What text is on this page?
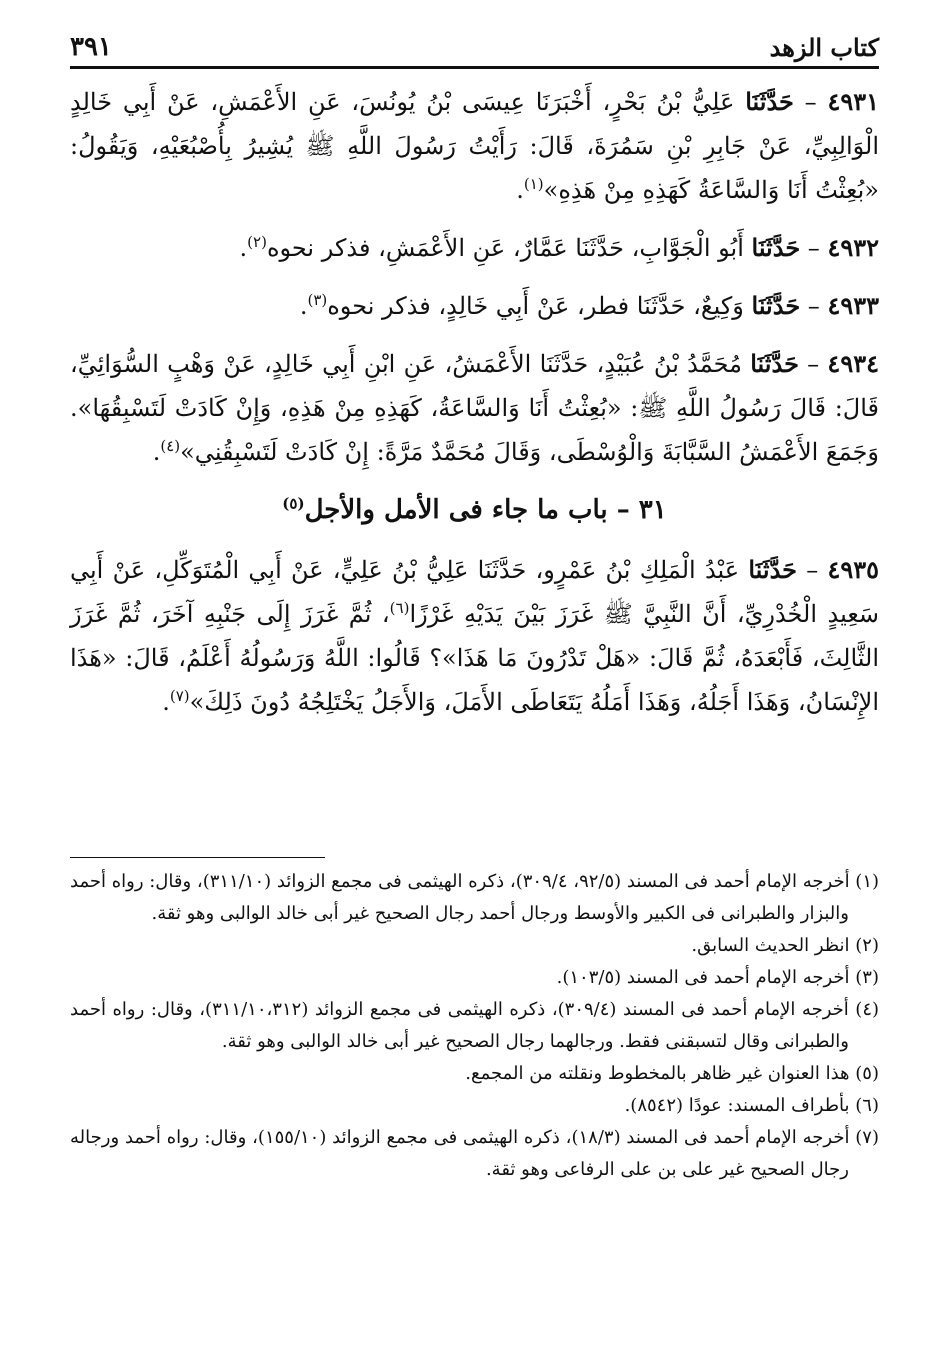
٣٩١	كتاب الزهد

٤٩٣١ – حَدَّثَنَا عَلِيُّ بْنُ بَحْرٍ، أَخْبَرَنَا عِيسَى بْنُ يُونُسَ، عَنِ الأَعْمَشِ، عَنْ أَبِي خَالِدٍ الْوَالِبِيِّ، عَنْ جَابِرِ بْنِ سَمُرَةَ، قَالَ: رَأَيْتُ رَسُولَ اللَّهِ ﷺ يُشِيرُ بِأُصْبُعَيْهِ، وَيَقُولُ: «بُعِثْتُ أَنَا وَالسَّاعَةُ كَهَذِهِ مِنْ هَذِهِ»$^{(١)}$.

٤٩٣٢ – حَدَّثَنَا أَبُو الْجَوَّابِ، حَدَّثَنَا عَمَّارٌ، عَنِ الأَعْمَشِ، فذكر نحوه$^{(٢)}$.

٤٩٣٣ – حَدَّثَنَا وَكِيعٌ، حَدَّثَنَا فطر، عَنْ أَبِي خَالِدٍ، فذكر نحوه$^{(٣)}$.

٤٩٣٤ – حَدَّثَنَا مُحَمَّدُ بْنُ عُبَيْدٍ، حَدَّثَنَا الأَعْمَشُ، عَنِ ابْنِ أَبِي خَالِدٍ، عَنْ وَهْبٍ السُّوَائِيِّ، قَالَ: قَالَ رَسُولُ اللَّهِ ﷺ: «بُعِثْتُ أَنَا وَالسَّاعَةُ، كَهَذِهِ مِنْ هَذِهِ، وَإِنْ كَادَتْ لَتَسْبِقُهَا». وَجَمَعَ الأَعْمَشُ السَّبَّابَةَ وَالْوُسْطَى، وَقَالَ مُحَمَّدٌ مَرَّةً: إِنْ كَادَتْ لَتَسْبِقُنِي»$^{(٤)}$.

٣١ – باب ما جاء فى الأمل والأجل$^{(٥)}$

٤٩٣٥ – حَدَّثَنَا عَبْدُ الْمَلِكِ بْنُ عَمْرٍو، حَدَّثَنَا عَلِيُّ بْنُ عَلِيٍّ، عَنْ أَبِي الْمُتَوَكِّلِ، عَنْ أَبِي سَعِيدٍ الْخُدْرِيِّ، أَنَّ النَّبِيَّ ﷺ غَرَزَ بَيْنَ يَدَيْهِ غَرْزًا$^{(٦)}$، ثُمَّ غَرَزَ إِلَى جَنْبِهِ آخَرَ، ثُمَّ غَرَزَ الثَّالِثَ، فَأَبْعَدَهُ، ثُمَّ قَالَ: «هَلْ تَدْرُونَ مَا هَذَا»؟ قَالُوا: اللَّهُ وَرَسُولُهُ أَعْلَمُ، قَالَ: «هَذَا الإِنْسَانُ، وَهَذَا أَجَلُهُ، وَهَذَا أَمَلُهُ يَتَعَاطَى الأَمَلَ، وَالأَجَلُ يَخْتَلِجُهُ دُونَ ذَلِكَ»$^{(٧)}$.

(١) أخرجه الإمام أحمد فى المسند (٩٢/٥، ٣٠٩/٤)، ذكره الهيثمى فى مجمع الزوائد (٣١١/١٠)، وقال: رواه أحمد والبزار والطبرانى فى الكبير والأوسط ورجال أحمد رجال الصحيح غير أبى خالد الوالبى وهو ثقة.

(٢) انظر الحديث السابق.

(٣) أخرجه الإمام أحمد فى المسند (١٠٣/٥).

(٤) أخرجه الإمام أحمد فى المسند (٣٠٩/٤)، ذكره الهيثمى فى مجمع الزوائد (٣١١/١٠،٣١٢)، وقال: رواه أحمد والطبرانى وقال لتسبقنى فقط. ورجالهما رجال الصحيح غير أبى خالد الوالبى وهو ثقة.

(٥) هذا العنوان غير ظاهر بالمخطوط ونقلته من المجمع.

(٦) بأطراف المسند: عودًا (٨٥٤٢).

(٧) أخرجه الإمام أحمد فى المسند (١٨/٣)، ذكره الهيثمى فى مجمع الزوائد (١٥٥/١٠)، وقال: رواه أحمد ورجاله رجال الصحيح غير على بن على الرفاعى وهو ثقة.
